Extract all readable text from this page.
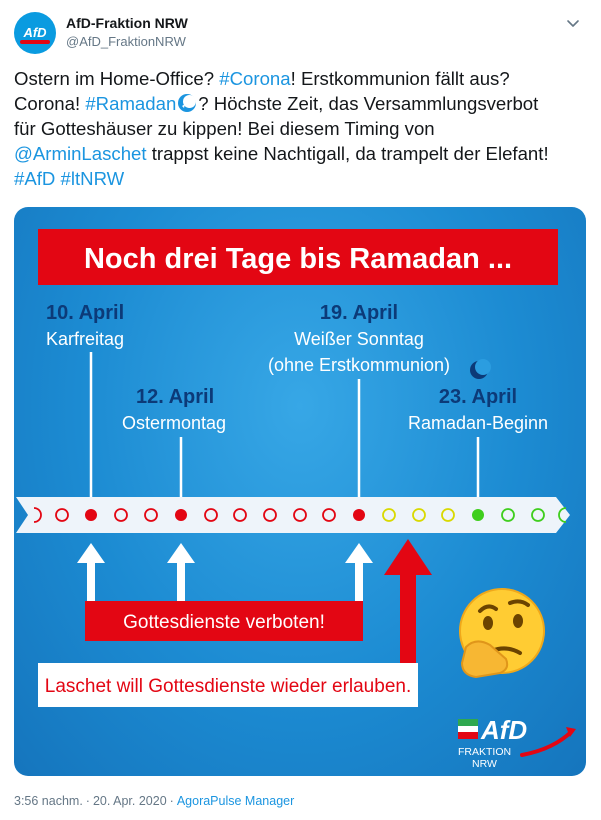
AfD
AfD-Fraktion NRW
@AfD_FraktionNRW
Ostern im Home-Office? #Corona! Erstkommunion fällt aus?
Corona! #Ramadan ? Höchste Zeit, das Versammlungsverbot
für Gotteshäuser zu kippen! Bei diesem Timing von
@ArminLaschet trappst keine Nachtigall, da trampelt der Elefant!
#AfD #ltNRW
Noch drei Tage bis Ramadan ...
10. April
Karfreitag
12. April
Ostermontag
19. April
Weißer Sonntag
(ohne Erstkommunion)
23. April
Ramadan-Beginn
Gottesdienste verboten!
Laschet will Gottesdienste wieder erlauben.
AfD
FRAKTION
NRW
3:56 nachm. · 20. Apr. 2020 · AgoraPulse Manager
